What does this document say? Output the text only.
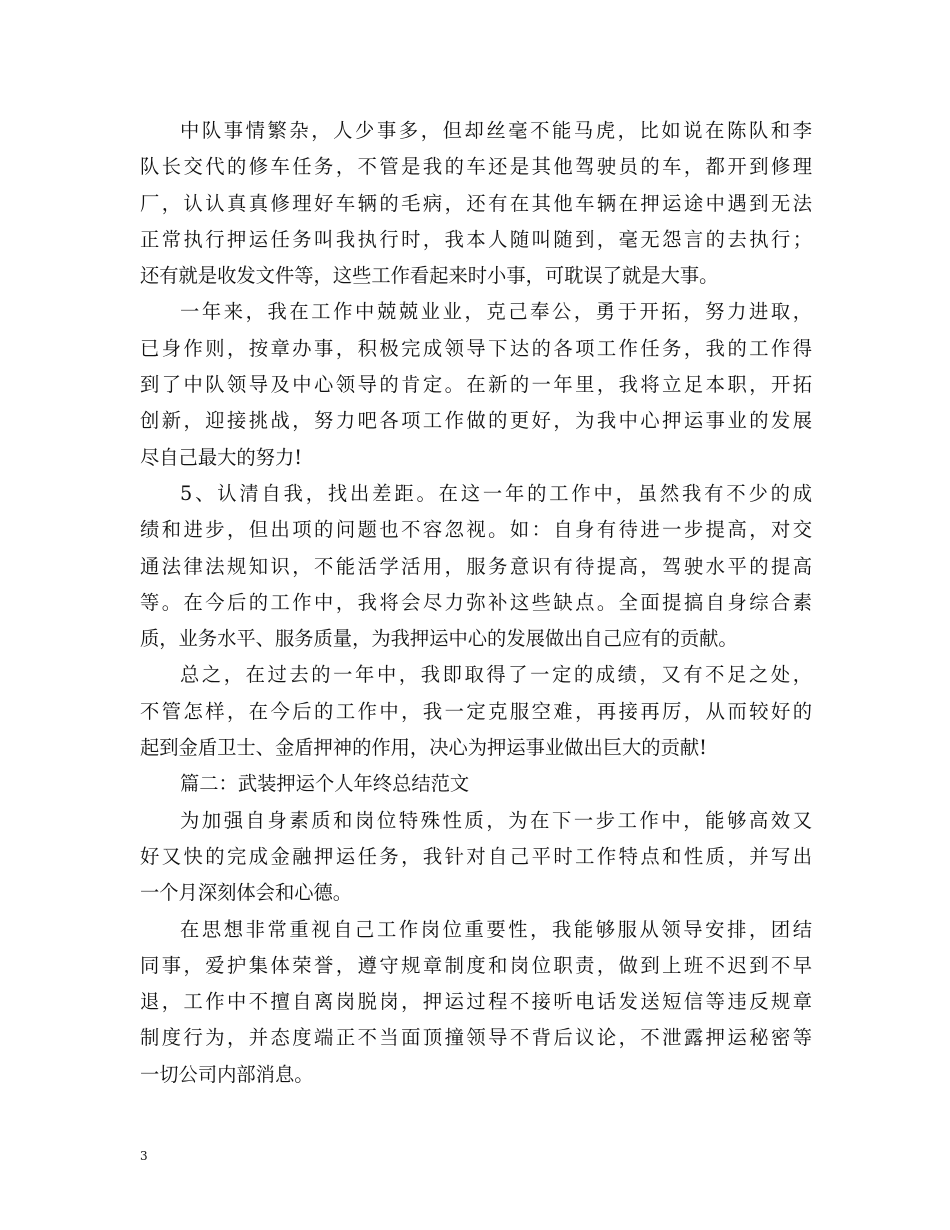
中队事情繁杂，人少事多，但却丝毫不能马虎，比如说在陈队和李
队长交代的修车任务，不管是我的车还是其他驾驶员的车，都开到修理
厂，认认真真修理好车辆的毛病，还有在其他车辆在押运途中遇到无法
正常执行押运任务叫我执行时，我本人随叫随到，毫无怨言的去执行；
还有就是收发文件等，这些工作看起来时小事，可耽误了就是大事。
一年来，我在工作中兢兢业业，克己奉公，勇于开拓，努力进取，
已身作则，按章办事，积极完成领导下达的各项工作任务，我的工作得
到了中队领导及中心领导的肯定。在新的一年里，我将立足本职，开拓
创新，迎接挑战，努力吧各项工作做的更好，为我中心押运事业的发展
尽自己最大的努力!
5、认清自我，找出差距。在这一年的工作中，虽然我有不少的成
绩和进步，但出项的问题也不容忽视。如：自身有待进一步提高，对交
通法律法规知识，不能活学活用，服务意识有待提高，驾驶水平的提高
等。在今后的工作中，我将会尽力弥补这些缺点。全面提搞自身综合素
质，业务水平、服务质量，为我押运中心的发展做出自己应有的贡献。
总之，在过去的一年中，我即取得了一定的成绩，又有不足之处，
不管怎样，在今后的工作中，我一定克服空难，再接再厉，从而较好的
起到金盾卫士、金盾押神的作用，决心为押运事业做出巨大的贡献!
篇二：武装押运个人年终总结范文
为加强自身素质和岗位特殊性质，为在下一步工作中，能够高效又
好又快的完成金融押运任务，我针对自己平时工作特点和性质，并写出
一个月深刻体会和心德。
在思想非常重视自己工作岗位重要性，我能够服从领导安排，团结
同事，爱护集体荣誉，遵守规章制度和岗位职责，做到上班不迟到不早
退，工作中不擅自离岗脱岗，押运过程不接听电话发送短信等违反规章
制度行为，并态度端正不当面顶撞领导不背后议论，不泄露押运秘密等
一切公司内部消息。
3
